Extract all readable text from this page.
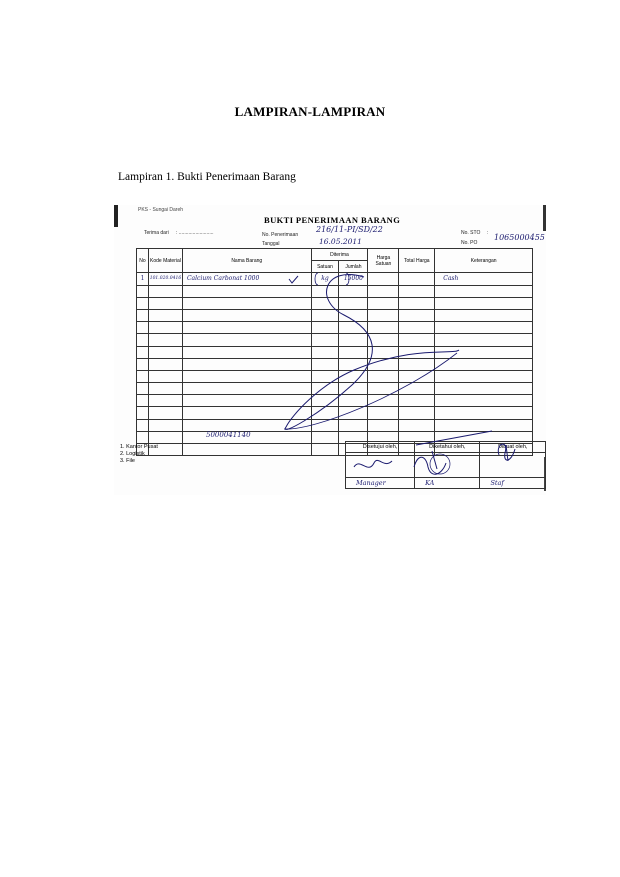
LAMPIRAN-LAMPIRAN
Lampiran 1. Bukti Penerimaan Barang
PKS - Sungai Dareh
BUKTI PENERIMAAN BARANG
Terima dari : .........................	No. Penerimaan
216/11-PI/SD/22
Tanggal	16.05.2011
No. STO :
No. PO
1065000455
No	Kode Material	Nama Barang	Diterima		Harga Satuan	Total Harga	Keterangan
			Satuan	Jumlah			
1	101.020.0416	Calcium Carbonat 1000	kg	15000			Cash

5000041140
1. Kantor Pusat
2. Logistik
3. File
Disetujui oleh,	Diketahui oleh,	Dibuat oleh,

Manager	KA	Staf
